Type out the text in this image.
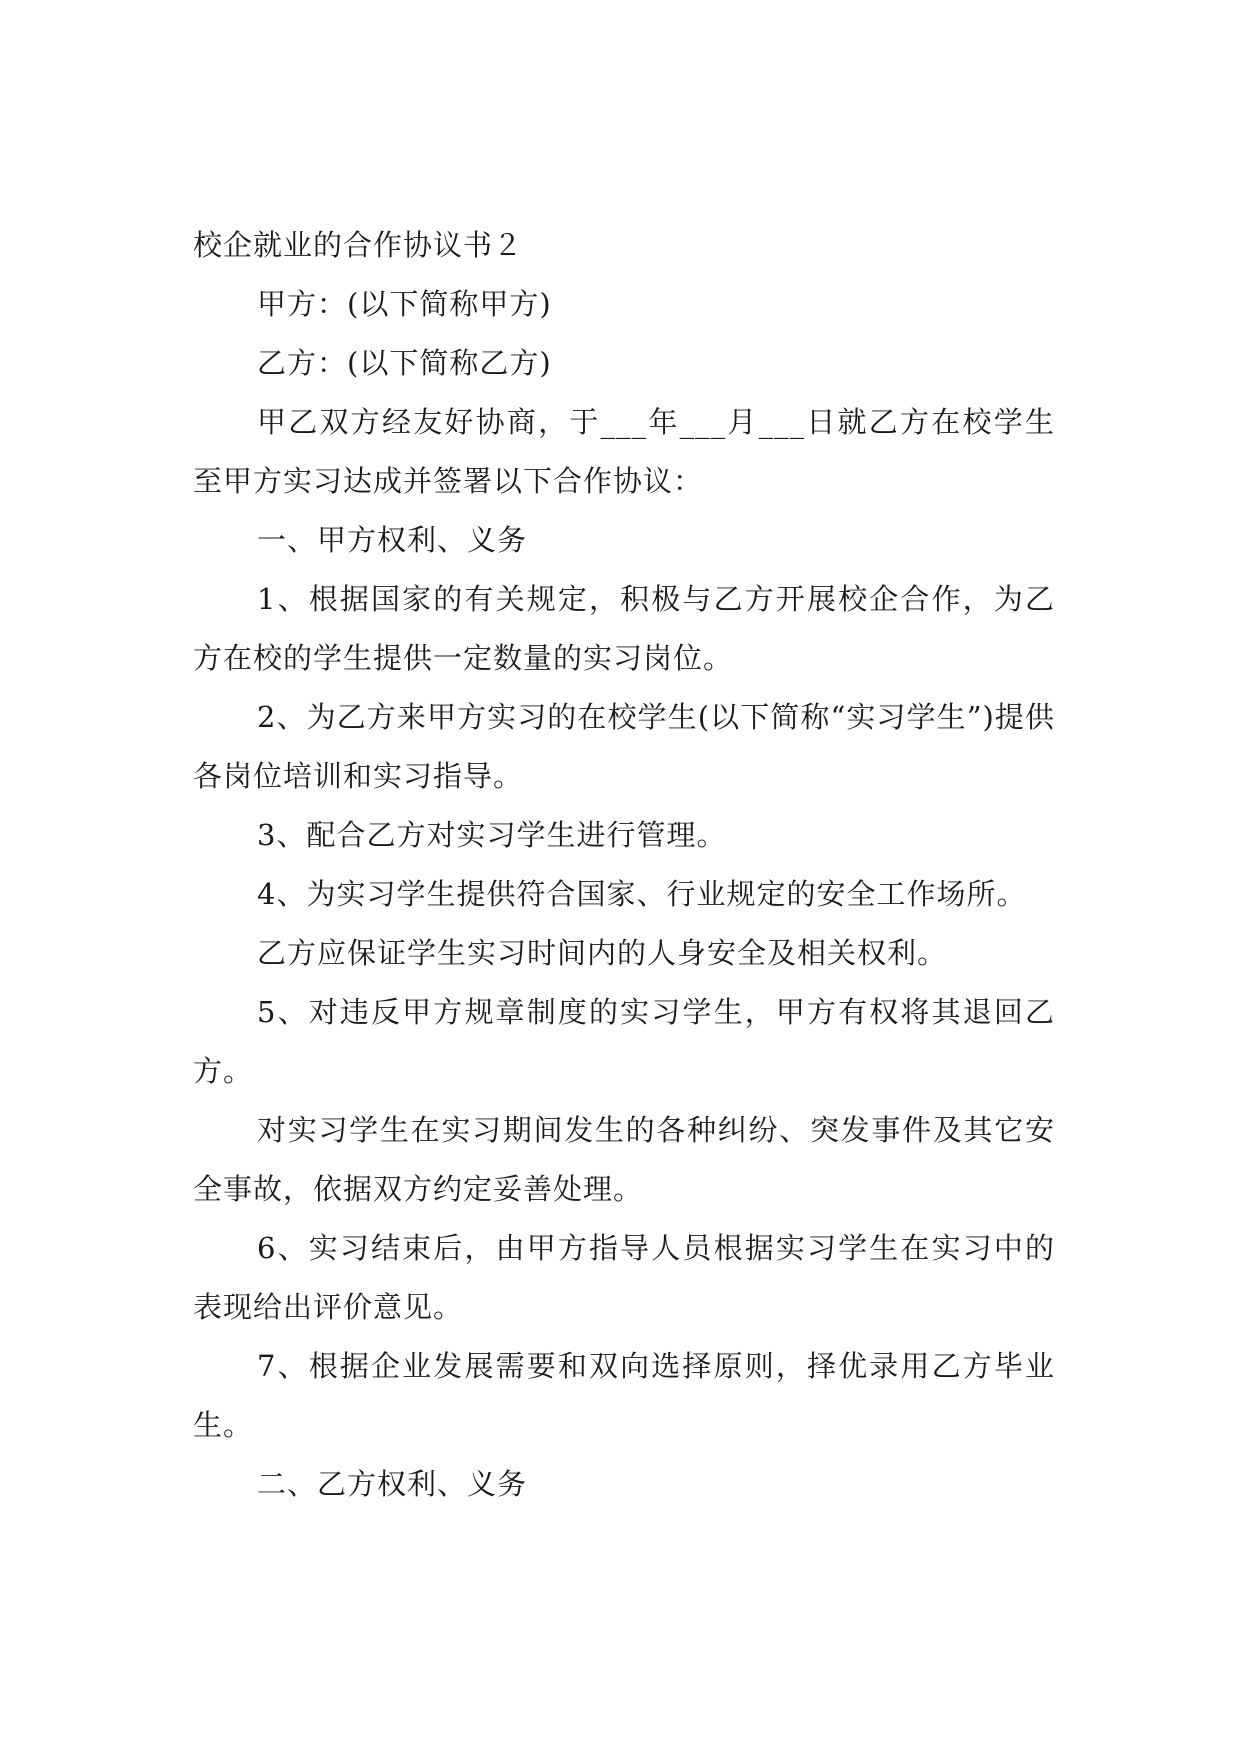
校企就业的合作协议书２

甲方：(以下简称甲方)

乙方：(以下简称乙方)

甲乙双方经友好协商，于___年___月___日就乙方在校学生至甲方实习达成并签署以下合作协议：

一、甲方权利、义务

1、根据国家的有关规定，积极与乙方开展校企合作，为乙方在校的学生提供一定数量的实习岗位。

2、为乙方来甲方实习的在校学生(以下简称“实习学生”)提供各岗位培训和实习指导。

3、配合乙方对实习学生进行管理。

4、为实习学生提供符合国家、行业规定的安全工作场所。

乙方应保证学生实习时间内的人身安全及相关权利。

5、对违反甲方规章制度的实习学生，甲方有权将其退回乙方。

对实习学生在实习期间发生的各种纠纷、突发事件及其它安全事故，依据双方约定妥善处理。

6、实习结束后，由甲方指导人员根据实习学生在实习中的表现给出评价意见。

7、根据企业发展需要和双向选择原则，择优录用乙方毕业生。

二、乙方权利、义务
